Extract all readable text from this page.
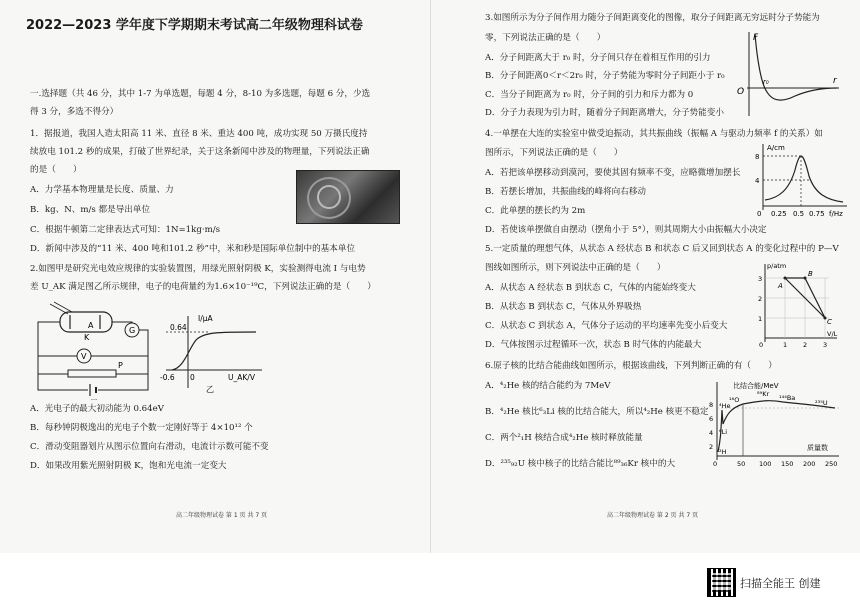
2022—2023 学年度下学期期末考试高二年级物理科试卷
一.选择题（共 46 分，其中 1-7 为单选题，每题 4 分，8-10 为多选题，每题 6 分，少选
得 3 分，多选不得分）
1．据报道，我国人造太阳高 11 米、直径 8 米、重达 400 吨，成功实现 50 万摄氏度持
续放电 101.2 秒的成果，打破了世界纪录，关于这条新闻中涉及的物理量，下列说法正确
的是（　　）
A．力学基本物理量是长度、质量、力
B．kg、N、m/s 都是导出单位
C．根据牛顿第二定律表达式可知：1N=1kg·m/s
D．新闻中涉及的“11 米、400 吨和101.2 秒”中，米和秒是国际单位制中的基本单位
2.如图甲是研究光电效应规律的实验装置图，用绿光照射阴极 K，实验测得电流 I 与电势
差 U_AK 满足图乙所示规律，电子的电荷量约为1.6×10⁻¹⁹C，下列说法正确的是（　　）
A
K
G
V
P
I/μA
0.64
-0.6 0	U_AK/V
乙
A．光电子的最大初动能为 0.64eV
B．每秒钟阴极逸出的光电子个数一定刚好等于 4×10¹² 个
C．滑动变阻器划片从图示位置向右滑动，电流计示数可能不变
D．如果改用紫光照射阴极 K，饱和光电流一定变大
高二年级物理试卷 第 1 页 共 7 页
3.如图所示为分子间作用力随分子间距离变化的图像，取分子间距离无穷远时分子势能为
零，下列说法正确的是（　　）
A．分子间距离大于 r₀ 时，分子间只存在着相互作用的引力
B．分子间距离0＜r＜2r₀ 时，分子势能为零时分子间距小于 r₀
C．当分子间距离为 r₀ 时，分子间的引力和斥力都为 0
D．分子力表现为引力时，随着分子间距离增大，分子势能变小
F
O
r
r₀
4.一单摆在大连的实验室中做受迫振动，其共振曲线（振幅 A 与驱动力频率 f 的关系）如
图所示，下列说法正确的是（　　）
A．若把该单摆移动到漠河，要使其固有频率不变，应略微增加摆长
B．若摆长增加，共振曲线的峰将向右移动
C．此单摆的摆长约为 2m
D．若使该单摆做自由摆动（摆角小于 5°），则其周期大小由振幅大小决定
A/cm
8
4
0 0.25 0.5 0.75 f/Hz
5.一定质量的理想气体，从状态 A 经状态 B 和状态 C 后又回到状态 A 的变化过程中的 P—V
图线如图所示，则下列说法中正确的是（　　）
A．从状态 A 经状态 B 到状态 C，气体的内能始终变大
B．从状态 B 到状态 C，气体从外界吸热
C．从状态 C 到状态 A，气体分子运动的平均速率先变小后变大
D．气体按图示过程循环一次，状态 B 时气体的内能最大
p/atm
A
B
C
3
2
1
0	1 2 3
V/L
6.原子核的比结合能曲线如图所示，根据该曲线，下列判断正确的有（　　）
A．⁴₂He 核的结合能约为 7MeV
B．⁴₂He 核比⁶₃Li 核的比结合能大，所以⁴₂He 核更不稳定
C．两个²₁H 核结合成⁴₂He 核时释放能量
D．²³⁵₉₂U 核中核子的比结合能比⁸⁹₃₆Kr 核中的大
比结合能/MeV
8
6
4
2
0	50 100 150 200 250
质量数
⁴He
¹⁶O
⁸⁹Kr ¹⁴⁴Ba
²³⁵U
⁶Li
²H
高二年级物理试卷 第 2 页 共 7 页
扫描全能王 创建
